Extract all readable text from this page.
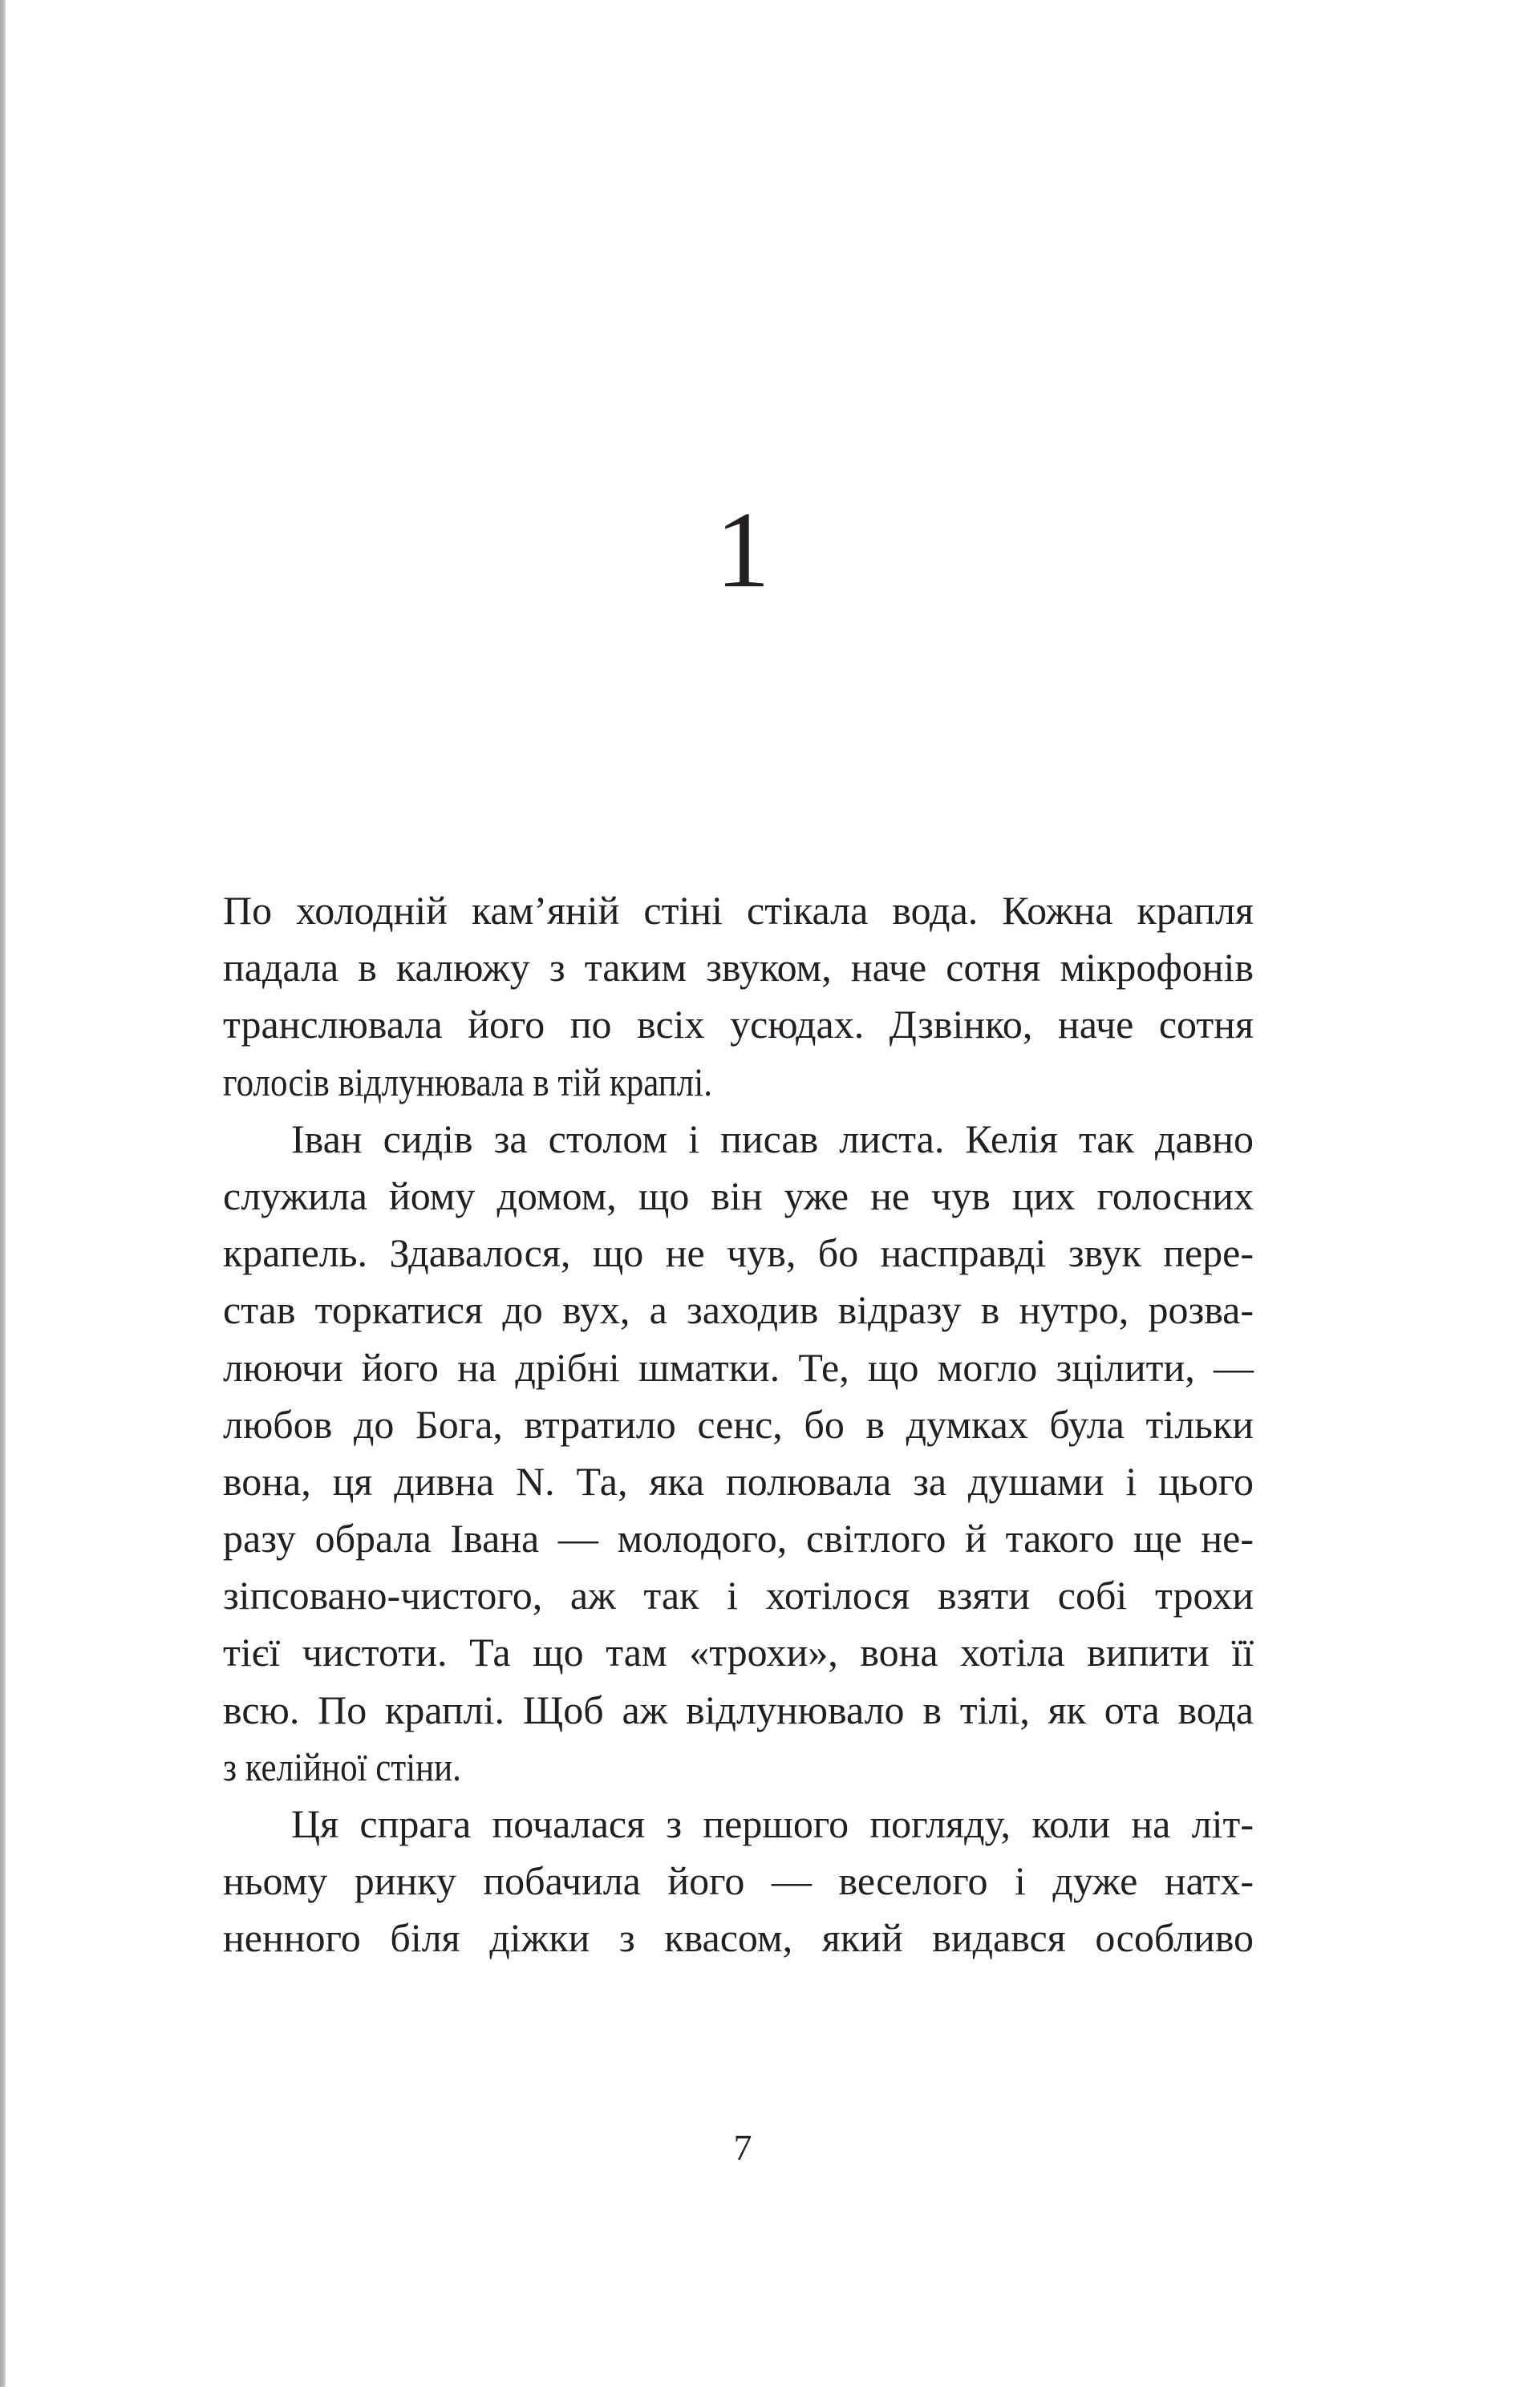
1
По холодній кам’яній стіні стікала вода. Кожна крапля
падала в калюжу з таким звуком, наче сотня мікрофонів
транслювала його по всіх усюдах. Дзвінко, наче сотня
голосів відлунювала в тій краплі.
Іван сидів за столом і писав листа. Келія так давно
служила йому домом, що він уже не чув цих голосних
крапель. Здавалося, що не чув, бо насправді звук пере-
став торкатися до вух, а заходив відразу в нутро, розва-
люючи його на дрібні шматки. Те, що могло зцілити, —
любов до Бога, втратило сенс, бо в думках була тільки
вона, ця дивна N. Та, яка полювала за душами і цього
разу обрала Івана — молодого, світлого й такого ще не-
зіпсовано-чистого, аж так і хотілося взяти собі трохи
тієї чистоти. Та що там «трохи», вона хотіла випити її
всю. По краплі. Щоб аж відлунювало в тілі, як ота вода
з келійної стіни.
Ця спрага почалася з першого погляду, коли на літ-
ньому ринку побачила його — веселого і дуже натх-
ненного біля діжки з квасом, який видався особливо
7
